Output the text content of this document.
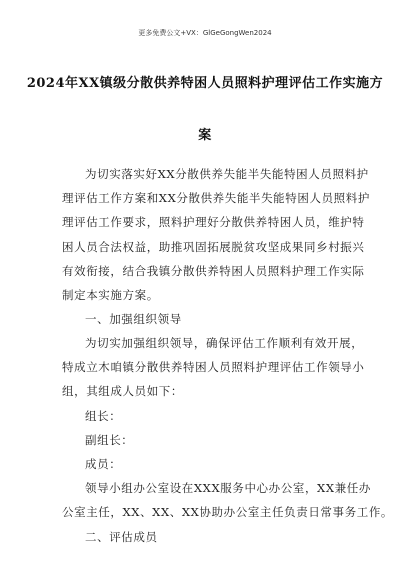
更多免费公文+VX：GlGeGongWen2024
2024年XX镇级分散供养特困人员照料护理评估工作实施方
案
为切实落实好XX分散供养失能半失能特困人员照料护
理评估工作方案和XX分散供养失能半失能特困人员照料护
理评估工作要求，照料护理好分散供养特困人员，维护特
困人员合法权益，助推巩固拓展脱贫攻坚成果同乡村振兴
有效衔接，结合我镇分散供养特困人员照料护理工作实际
制定本实施方案。
一、加强组织领导
为切实加强组织领导，确保评估工作顺利有效开展，
特成立木咱镇分散供养特困人员照料护理评估工作领导小
组，其组成人员如下：
组长：
副组长：
成员：
领导小组办公室设在XXX服务中心办公室，XX兼任办
公室主任，XX、XX、XX协助办公室主任负责日常事务工作。
二、评估成员
